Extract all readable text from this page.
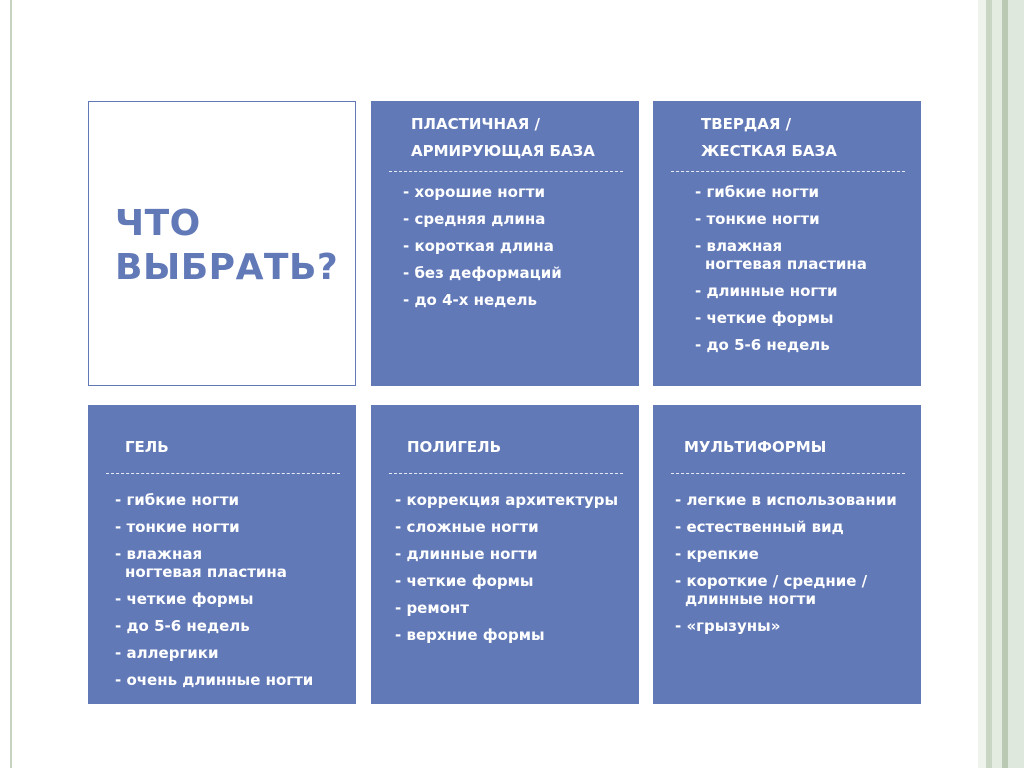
ЧТО
ВЫБРАТЬ?
ПЛАСТИЧНАЯ /
АРМИРУЮЩАЯ БАЗА
- хорошие ногти
- средняя длина
- короткая длина
- без деформаций
- до 4-х недель
ТВЕРДАЯ /
ЖЕСТКАЯ БАЗА
- гибкие ногти
- тонкие ногти
- влажная

ногтевая пластина
- длинные ногти
- четкие формы
- до 5-6 недель
ГЕЛЬ
- гибкие ногти
- тонкие ногти
- влажная

ногтевая пластина
- четкие формы
- до 5-6 недель
- аллергики
- очень длинные ногти
ПОЛИГЕЛЬ
- коррекция архитектуры
- сложные ногти
- длинные ногти
- четкие формы
- ремонт
- верхние формы
МУЛЬТИФОРМЫ
- легкие в использовании
- естественный вид
- крепкие
- короткие / средние /

длинные ногти
- «грызуны»
